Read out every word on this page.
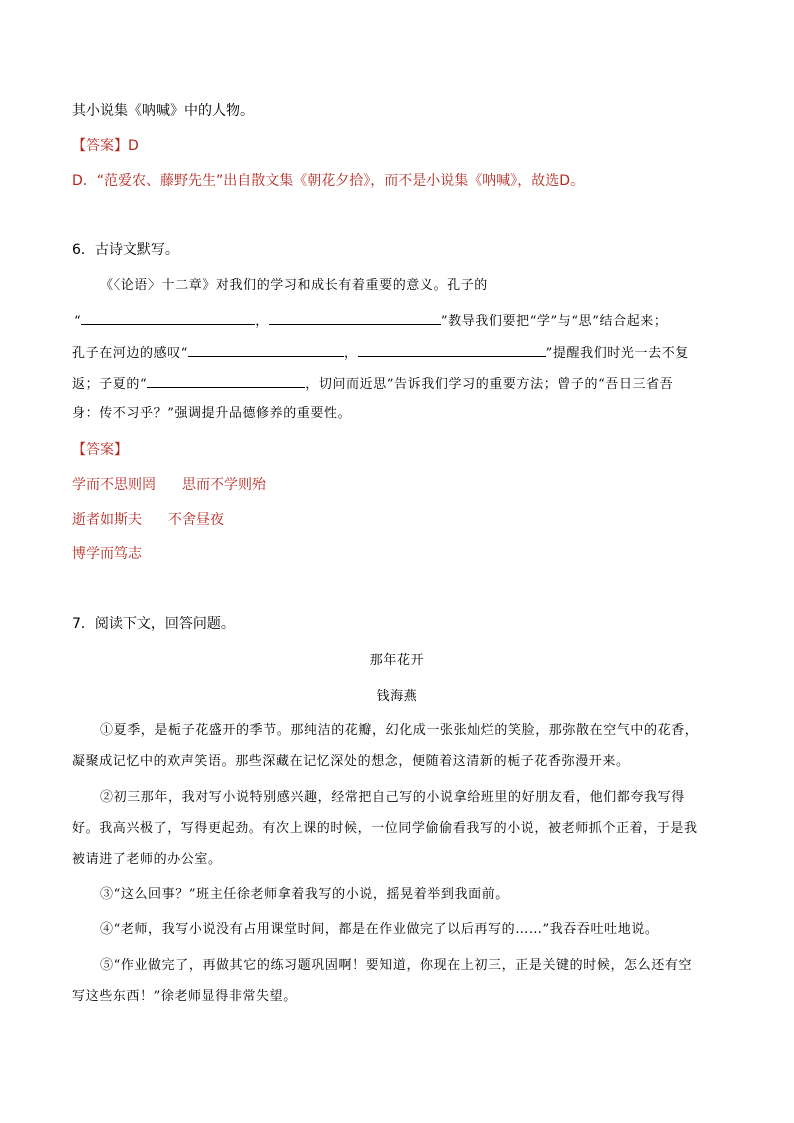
其小说集《呐喊》中的人物。
【答案】D
D．“范爱农、藤野先生”出自散文集《朝花夕拾》，而不是小说集《呐喊》，故选D。
6．古诗文默写。
《〈论语〉十二章》对我们的学习和成长有着重要的意义。孔子的
“	，	”教导我们要把“学”与“思”结合起来；
孔子在河边的感叹“	，	”提醒我们时光一去不复
返；子夏的“	，切问而近思”告诉我们学习的重要方法；曾子的“吾日三省吾
身：传不习乎？”强调提升品德修养的重要性。
【答案】
学而不思则罔 思而不学则殆
逝者如斯夫 不舍昼夜
博学而笃志
7．阅读下文，回答问题。
那年花开
钱海燕
①夏季，是栀子花盛开的季节。那纯洁的花瓣，幻化成一张张灿烂的笑脸，那弥散在空气中的花香，
凝聚成记忆中的欢声笑语。那些深藏在记忆深处的想念，便随着这清新的栀子花香弥漫开来。
②初三那年，我对写小说特别感兴趣，经常把自己写的小说拿给班里的好朋友看，他们都夸我写得
好。我高兴极了，写得更起劲。有次上课的时候，一位同学偷偷看我写的小说，被老师抓个正着，于是我
被请进了老师的办公室。
③“这么回事？”班主任徐老师拿着我写的小说，摇晃着举到我面前。
④“老师，我写小说没有占用课堂时间，都是在作业做完了以后再写的……”我吞吞吐吐地说。
⑤“作业做完了，再做其它的练习题巩固啊！要知道，你现在上初三，正是关键的时候，怎么还有空
写这些东西！”徐老师显得非常失望。
